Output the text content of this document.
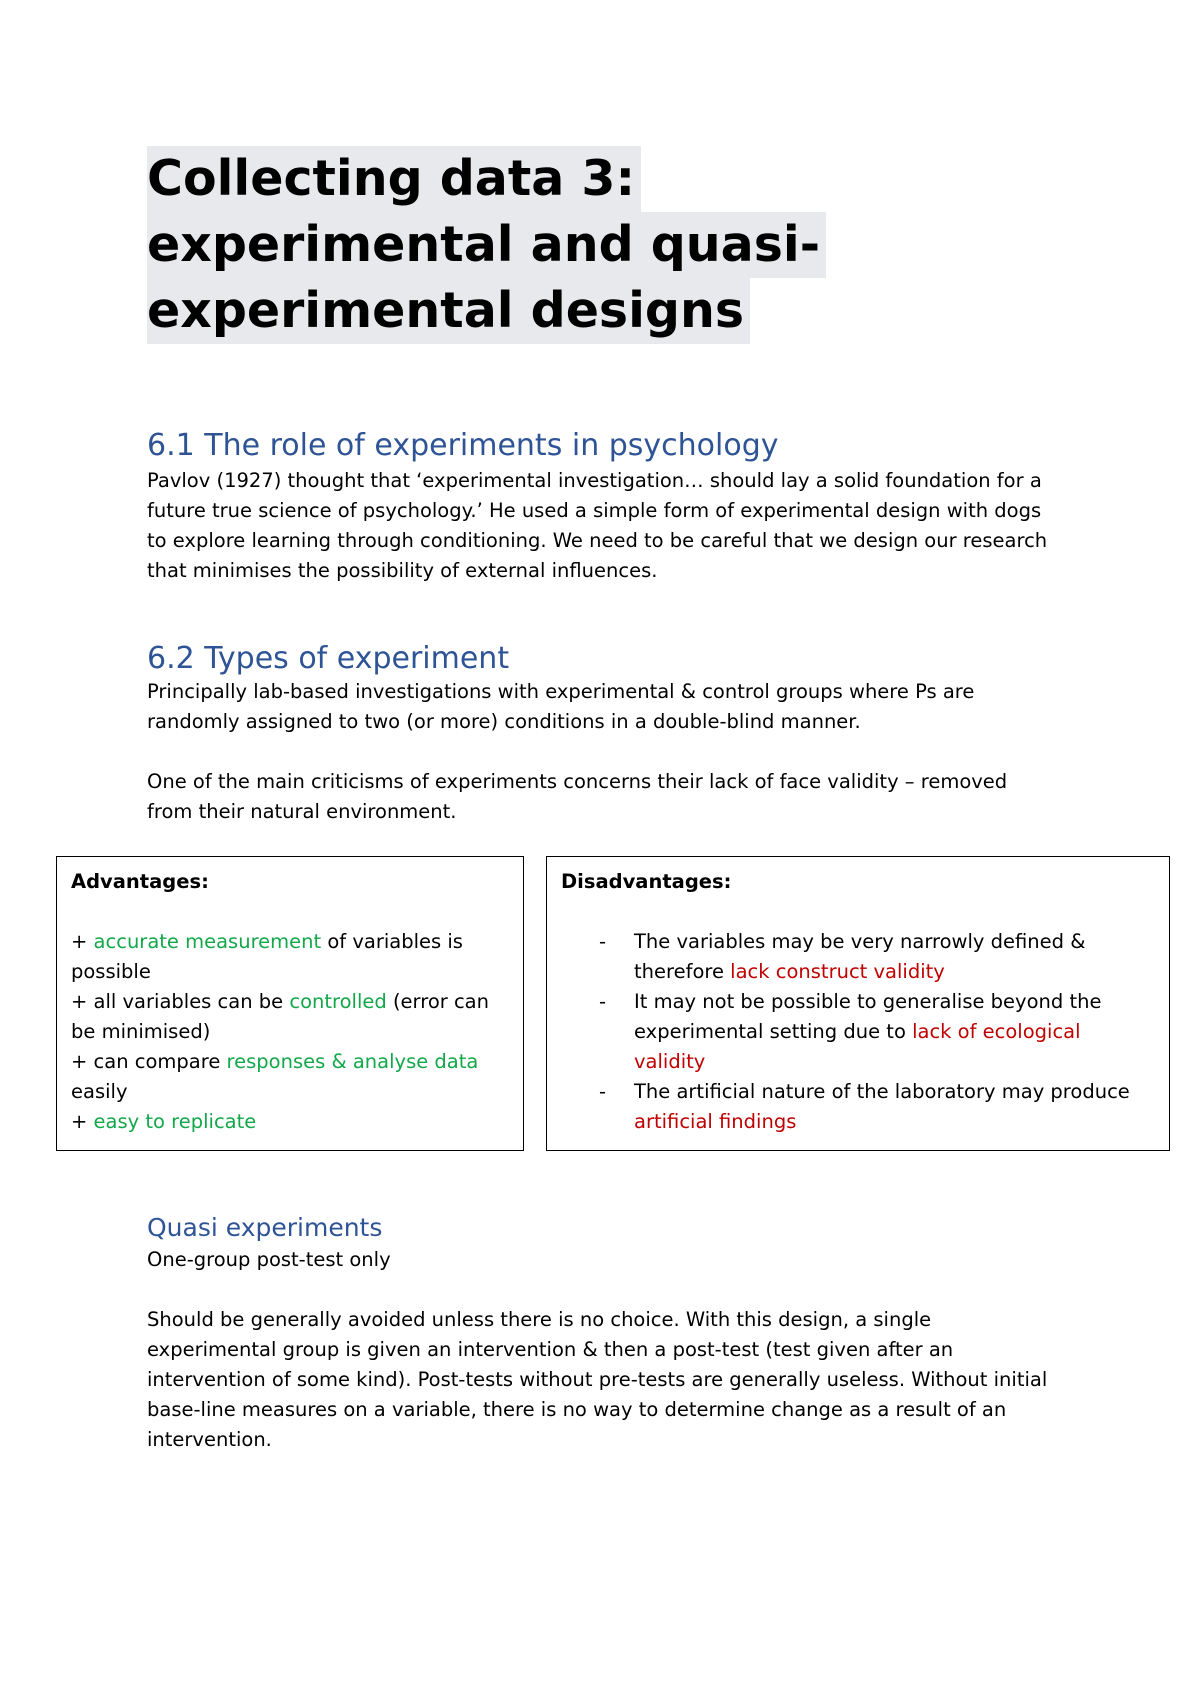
Collecting data 3:
experimental and quasi-
experimental designs
6.1 The role of experiments in psychology
Pavlov (1927) thought that ‘experimental investigation… should lay a solid foundation for a
future true science of psychology.’ He used a simple form of experimental design with dogs
to explore learning through conditioning. We need to be careful that we design our research
that minimises the possibility of external influences.
6.2 Types of experiment
Principally lab-based investigations with experimental & control groups where Ps are
randomly assigned to two (or more) conditions in a double-blind manner.
One of the main criticisms of experiments concerns their lack of face validity – removed
from their natural environment.
Advantages:
+ accurate measurement of variables is
possible
+ all variables can be controlled (error can
be minimised)
+ can compare responses & analyse data
easily
+ easy to replicate
Disadvantages:
- The variables may be very narrowly defined &
therefore lack construct validity
- It may not be possible to generalise beyond the
experimental setting due to lack of ecological
validity
- The artificial nature of the laboratory may produce
artificial findings
Quasi experiments
One-group post-test only
Should be generally avoided unless there is no choice. With this design, a single
experimental group is given an intervention & then a post-test (test given after an
intervention of some kind). Post-tests without pre-tests are generally useless. Without initial
base-line measures on a variable, there is no way to determine change as a result of an
intervention.
